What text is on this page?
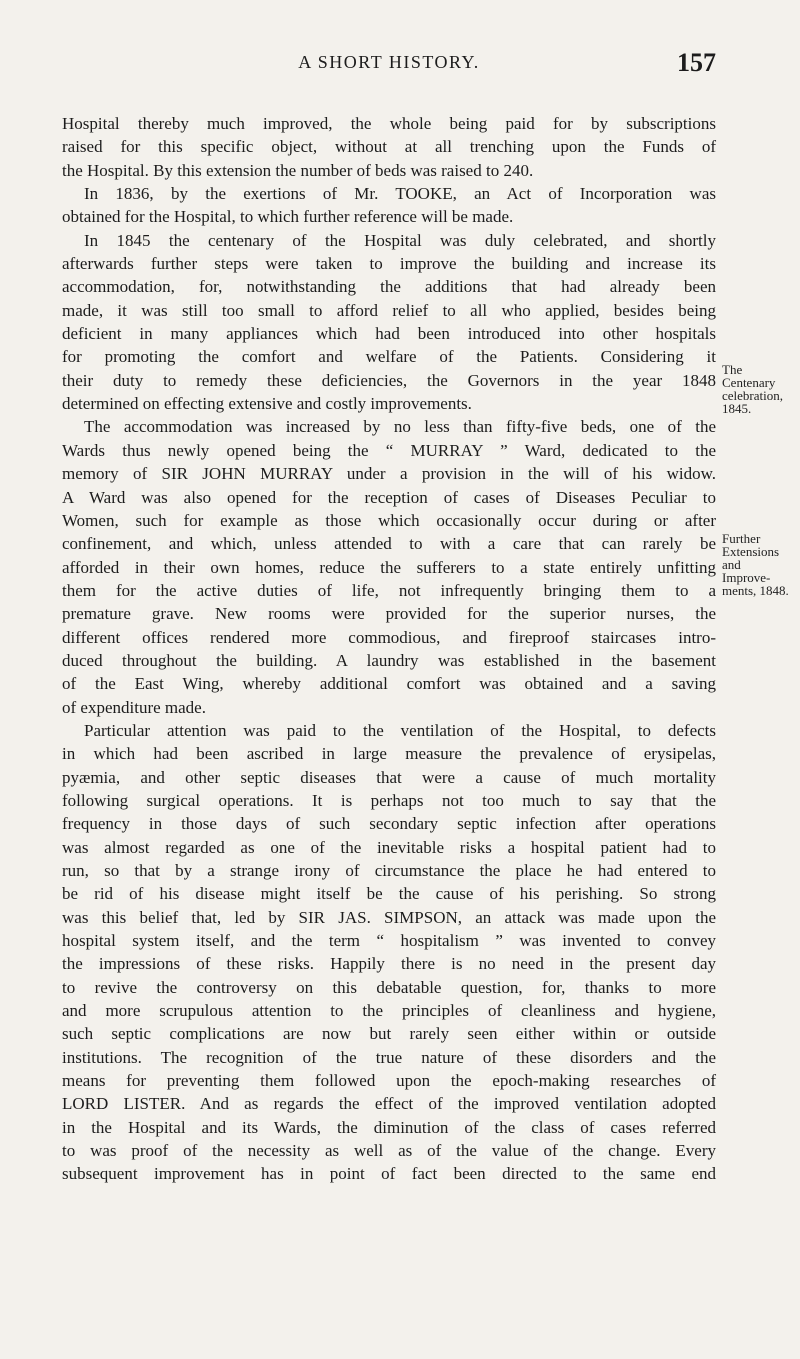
A SHORT HISTORY.	157

Hospital thereby much improved, the whole being paid for by subscriptions
raised for this specific object, without at all trenching upon the Funds of
the Hospital. By this extension the number of beds was raised to 240.

In 1836, by the exertions of Mr. TOOKE, an Act of Incorporation was
obtained for the Hospital, to which further reference will be made.

In 1845 the centenary of the Hospital was duly celebrated, and shortly
afterwards further steps were taken to improve the building and increase its
accommodation, for, notwithstanding the additions that had already been
made, it was still too small to afford relief to all who applied, besides being
deficient in many appliances which had been introduced into other hospitals
for promoting the comfort and welfare of the Patients. Considering it
their duty to remedy these deficiencies, the Governors in the year 1848
determined on effecting extensive and costly improvements.

The accommodation was increased by no less than fifty-five beds, one of the
Wards thus newly opened being the “ MURRAY ” Ward, dedicated to the
memory of SIR JOHN MURRAY under a provision in the will of his widow.
A Ward was also opened for the reception of cases of Diseases Peculiar to
Women, such for example as those which occasionally occur during or after
confinement, and which, unless attended to with a care that can rarely be
afforded in their own homes, reduce the sufferers to a state entirely unfitting
them for the active duties of life, not infrequently bringing them to a
premature grave. New rooms were provided for the superior nurses, the
different offices rendered more commodious, and fireproof staircases intro-
duced throughout the building. A laundry was established in the basement
of the East Wing, whereby additional comfort was obtained and a saving
of expenditure made.

Particular attention was paid to the ventilation of the Hospital, to defects
in which had been ascribed in large measure the prevalence of erysipelas,
pyæmia, and other septic diseases that were a cause of much mortality
following surgical operations. It is perhaps not too much to say that the
frequency in those days of such secondary septic infection after operations
was almost regarded as one of the inevitable risks a hospital patient had to
run, so that by a strange irony of circumstance the place he had entered to
be rid of his disease might itself be the cause of his perishing. So strong
was this belief that, led by SIR JAS. SIMPSON, an attack was made upon the
hospital system itself, and the term “ hospitalism ” was invented to convey
the impressions of these risks. Happily there is no need in the present day
to revive the controversy on this debatable question, for, thanks to more
and more scrupulous attention to the principles of cleanliness and hygiene,
such septic complications are now but rarely seen either within or outside
institutions. The recognition of the true nature of these disorders and the
means for preventing them followed upon the epoch-making researches of
LORD LISTER. And as regards the effect of the improved ventilation adopted
in the Hospital and its Wards, the diminution of the class of cases referred
to was proof of the necessity as well as of the value of the change. Every
subsequent improvement has in point of fact been directed to the same end

The
Centenary
celebration,
1845.
Further
Extensions
and
Improve-
ments, 1848.
